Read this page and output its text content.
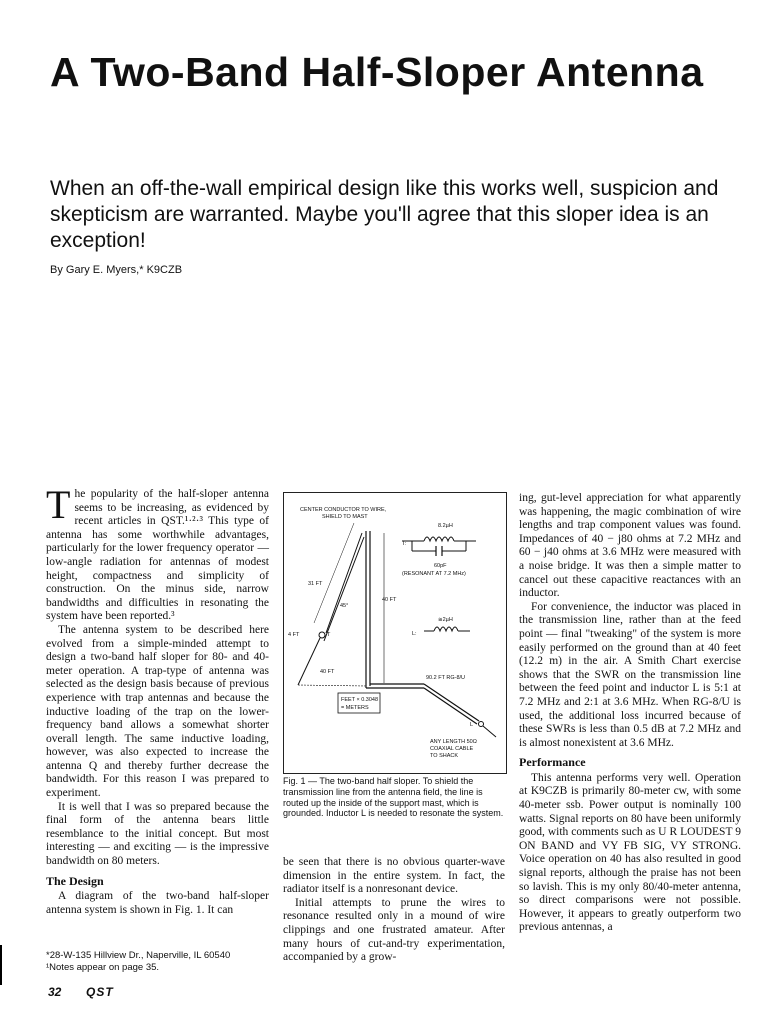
A Two-Band Half-Sloper Antenna

When an off-the-wall empirical design like this works well, suspicion and skepticism are warranted. Maybe you'll agree that this sloper idea is an exception!

By Gary E. Myers,* K9CZB

The popularity of the half-sloper antenna seems to be increasing, as evidenced by recent articles in QST.¹·²·³ This type of antenna has some worthwhile advantages, particularly for the lower frequency operator — low-angle radiation for antennas of modest height, compactness and simplicity of construction. On the minus side, narrow bandwidths and difficulties in resonating the system have been reported.³

The antenna system to be described here evolved from a simple-minded attempt to design a two-band half sloper for 80- and 40-meter operation. A trap-type of antenna was selected as the design basis because of previous experience with trap antennas and because the inductive loading of the trap on the lower-frequency band allows a somewhat shorter overall length. The same inductive loading, however, was also expected to increase the antenna Q and thereby further decrease the bandwidth. For this reason I was prepared to experiment.

It is well that I was so prepared because the final form of the antenna bears little resemblance to the initial concept. But most interesting — and exciting — is the impressive bandwidth on 80 meters.

The Design

A diagram of the two-band half-sloper antenna system is shown in Fig. 1. It can

*28-W-135 Hillview Dr., Naperville, IL 60540
¹Notes appear on page 35.
32 QST
CENTER CONDUCTOR TO WIRE,
SHIELD TO MAST
8.2µH
T:
60pF
(RESONANT AT 7.2 MHz)
≅2µH
L:
31 FT
40 FT
45°
4 FT	T
40 FT
90.2 FT RG-8/U
FEET × 0.3048
= METERS
L
ANY LENGTH 50Ω
COAXIAL CABLE
TO SHACK
Fig. 1 — The two-band half sloper. To shield the transmission line from the antenna field, the line is routed up the inside of the support mast, which is grounded. Inductor L is needed to resonate the system.

be seen that there is no obvious quarter-wave dimension in the entire system. In fact, the radiator itself is a nonresonant device.

Initial attempts to prune the wires to resonance resulted only in a mound of wire clippings and one frustrated amateur. After many hours of cut-and-try experimentation, accompanied by a grow-

ing, gut-level appreciation for what apparently was happening, the magic combination of wire lengths and trap component values was found. Impedances of 40 − j80 ohms at 7.2 MHz and 60 − j40 ohms at 3.6 MHz were measured with a noise bridge. It was then a simple matter to cancel out these capacitive reactances with an inductor.

For convenience, the inductor was placed in the transmission line, rather than at the feed point — final "tweaking" of the system is more easily performed on the ground than at 40 feet (12.2 m) in the air. A Smith Chart exercise shows that the SWR on the transmission line between the feed point and inductor L is 5:1 at 7.2 MHz and 2:1 at 3.6 MHz. When RG-8/U is used, the additional loss incurred because of these SWRs is less than 0.5 dB at 7.2 MHz and is almost nonexistent at 3.6 MHz.

Performance

This antenna performs very well. Operation at K9CZB is primarily 80-meter cw, with some 40-meter ssb. Power output is nominally 100 watts. Signal reports on 80 have been uniformly good, with comments such as U R LOUDEST 9 ON BAND and VY FB SIG, VY STRONG. Voice operation on 40 has also resulted in good signal reports, although the praise has not been so lavish. This is my only 80/40-meter antenna, so direct comparisons were not possible. However, it appears to greatly outperform two previous antennas, a
